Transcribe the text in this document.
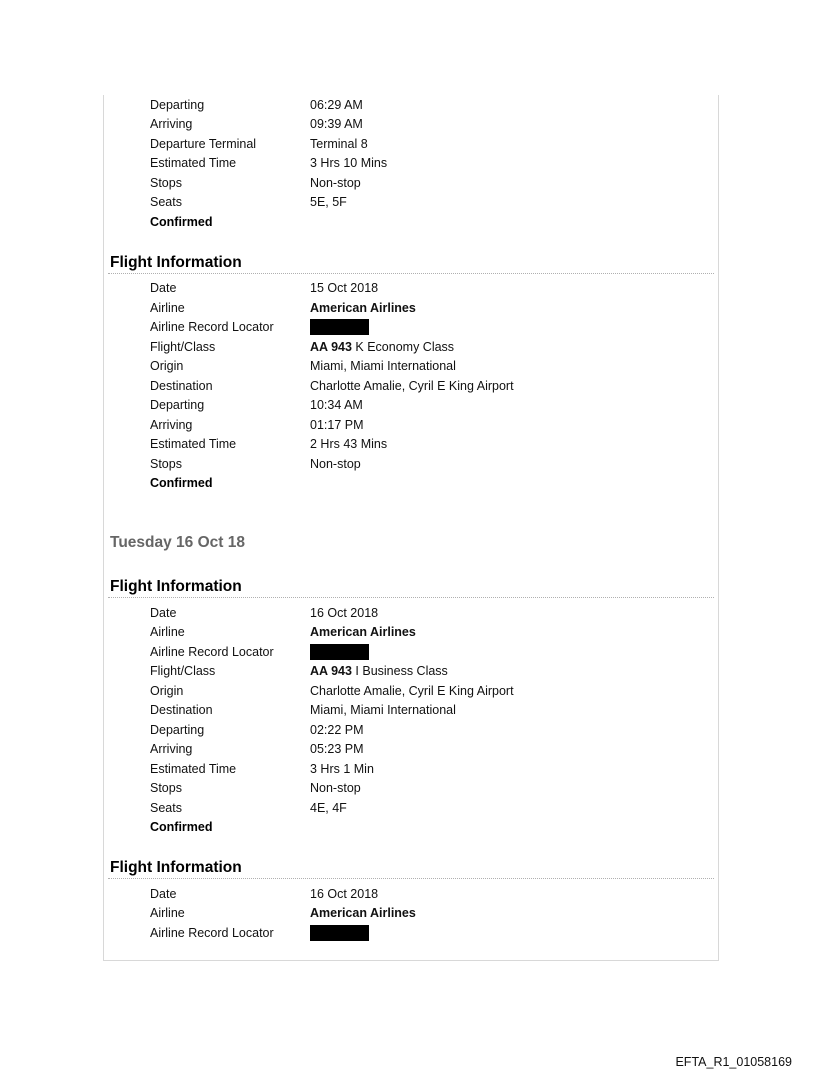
Departing	06:29 AM
Arriving	09:39 AM
Departure Terminal	Terminal 8
Estimated Time	3 Hrs 10 Mins
Stops	Non-stop
Seats	5E, 5F
Confirmed
Flight Information
Date	15 Oct 2018
Airline	American Airlines
Airline Record Locator
Flight/Class	AA 943 K Economy Class
Origin	Miami, Miami International
Destination	Charlotte Amalie, Cyril E King Airport
Departing	10:34 AM
Arriving	01:17 PM
Estimated Time	2 Hrs 43 Mins
Stops	Non-stop
Confirmed
Tuesday 16 Oct 18
Flight Information
Date	16 Oct 2018
Airline	American Airlines
Airline Record Locator
Flight/Class	AA 943 I Business Class
Origin	Charlotte Amalie, Cyril E King Airport
Destination	Miami, Miami International
Departing	02:22 PM
Arriving	05:23 PM
Estimated Time	3 Hrs 1 Min
Stops	Non-stop
Seats	4E, 4F
Confirmed
Flight Information
Date	16 Oct 2018
Airline	American Airlines
Airline Record Locator
EFTA_R1_01058169
